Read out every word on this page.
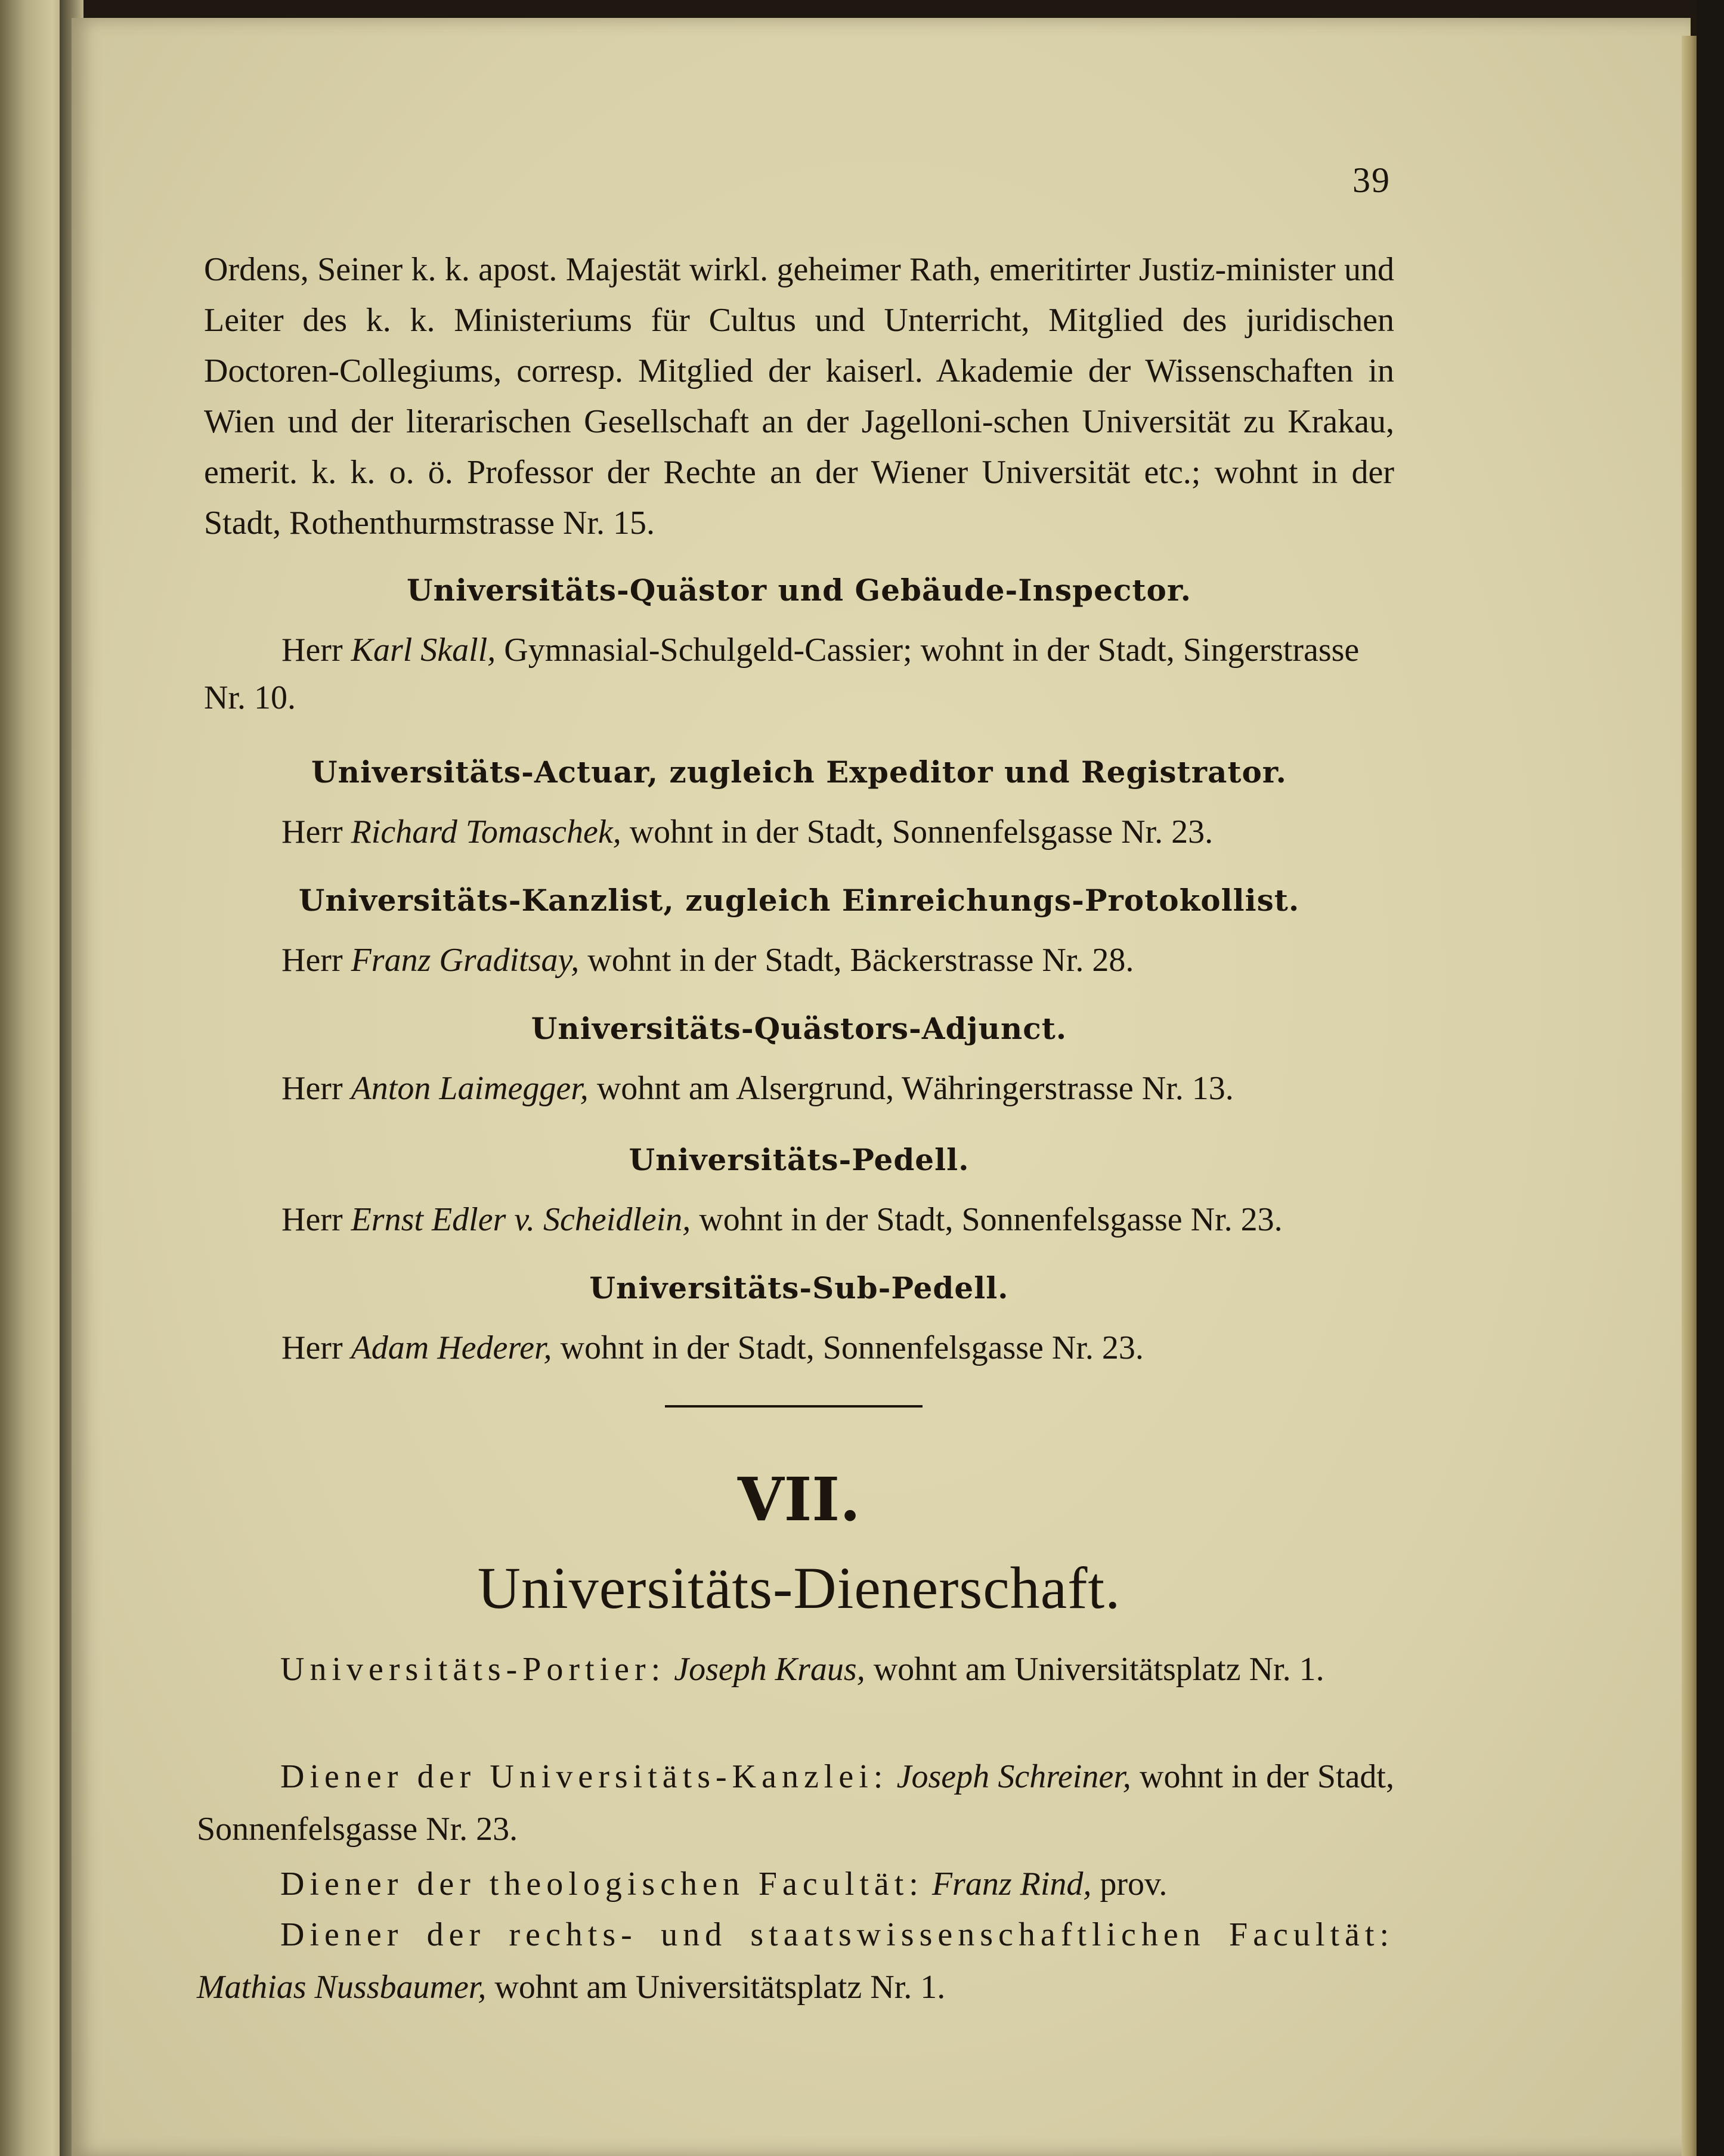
39
Ordens, Seiner k. k. apost. Majestät wirkl. geheimer Rath, emeritirter Justiz-minister und Leiter des k. k. Ministeriums für Cultus und Unterricht, Mitglied des juridischen Doctoren-Collegiums, corresp. Mitglied der kaiserl. Akademie der Wissenschaften in Wien und der literarischen Gesellschaft an der Jagelloni-schen Universität zu Krakau, emerit. k. k. o. ö. Professor der Rechte an der Wiener Universität etc.; wohnt in der Stadt, Rothenthurmstrasse Nr. 15.
Universitäts-Quästor und Gebäude-Inspector.
Herr Karl Skall, Gymnasial-Schulgeld-Cassier; wohnt in der Stadt, Singerstrasse Nr. 10.
Universitäts-Actuar, zugleich Expeditor und Registrator.
Herr Richard Tomaschek, wohnt in der Stadt, Sonnenfelsgasse Nr. 23.
Universitäts-Kanzlist, zugleich Einreichungs-Protokollist.
Herr Franz Graditsay, wohnt in der Stadt, Bäckerstrasse Nr. 28.
Universitäts-Quästors-Adjunct.
Herr Anton Laimegger, wohnt am Alsergrund, Währingerstrasse Nr. 13.
Universitäts-Pedell.
Herr Ernst Edler v. Scheidlein, wohnt in der Stadt, Sonnenfelsgasse Nr. 23.
Universitäts-Sub-Pedell.
Herr Adam Hederer, wohnt in der Stadt, Sonnenfelsgasse Nr. 23.
VII.
Universitäts-Dienerschaft.
Universitäts-Portier: Joseph Kraus, wohnt am Universitätsplatz Nr. 1.
Diener der Universitäts-Kanzlei: Joseph Schreiner, wohnt in der Stadt, Sonnenfelsgasse Nr. 23.
Diener der theologischen Facultät: Franz Rind, prov.
Diener der rechts- und staatswissenschaftlichen Facultät: Mathias Nussbaumer, wohnt am Universitätsplatz Nr. 1.
